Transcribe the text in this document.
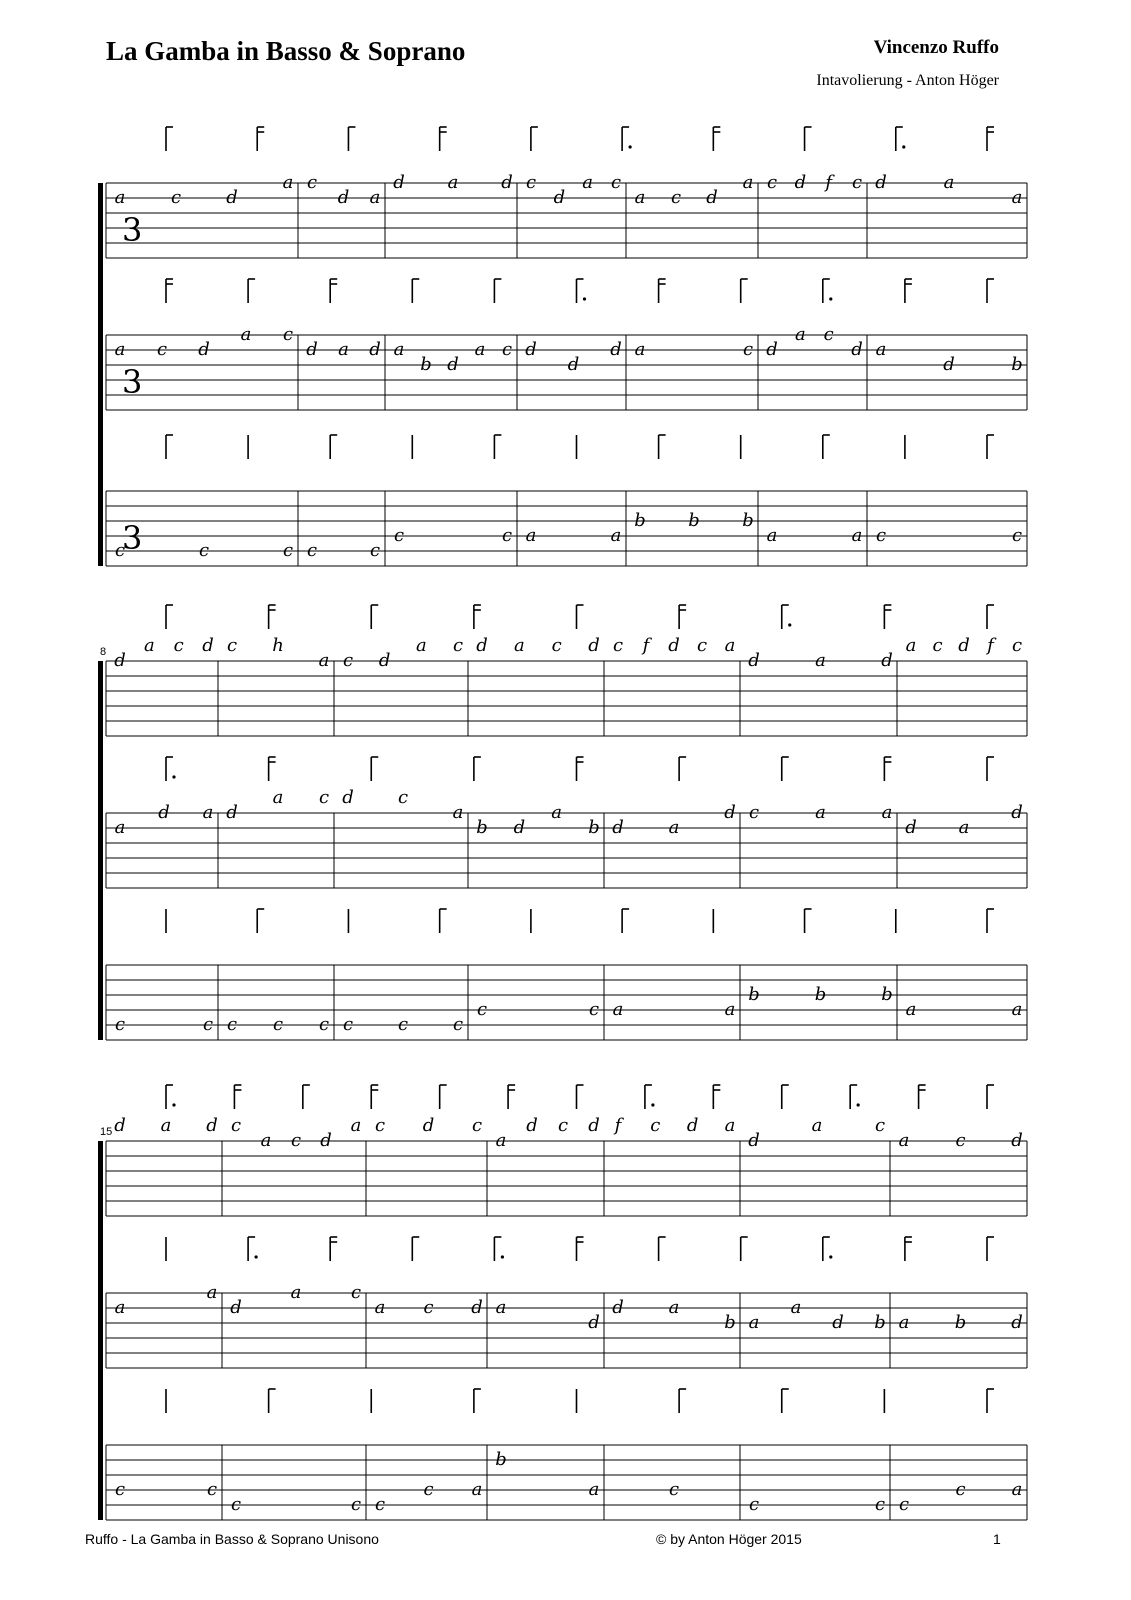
La Gamba in Basso & Soprano	Vincenzo Ruffo
Intavolierung - Anton Höger
3
a	c	d
a c
d a
d a d c
d
a c
a c d
a c d f c d	a
a
3
a c d
a c
d a d a
b d
a c d
d
d a	c d
a c
d a
d	b
3
c	c	c c	c
c	c a	a
b b b
a	a c	c
8 d
a c d c h
a c d
a c d a c d c f d c a
d	a	d
a c d f c
a
d a d
a c d c
a
b d
a
b d a
d c	a	a
d a
d
c	c c c c c c c
c	c a	a
b	b	b
a	a
15 d a d c
a c d
a c d c
a
d c d f c d a
d
a	c
a	c	d
a
a
d
a	c
a c d a
d
d a
b a
a
d b a	b d
c	c
c	c c
c a
b
a	c
c	c c
c	a
Ruffo - La Gamba in Basso & Soprano Unisono	© by Anton Höger 2015	1
